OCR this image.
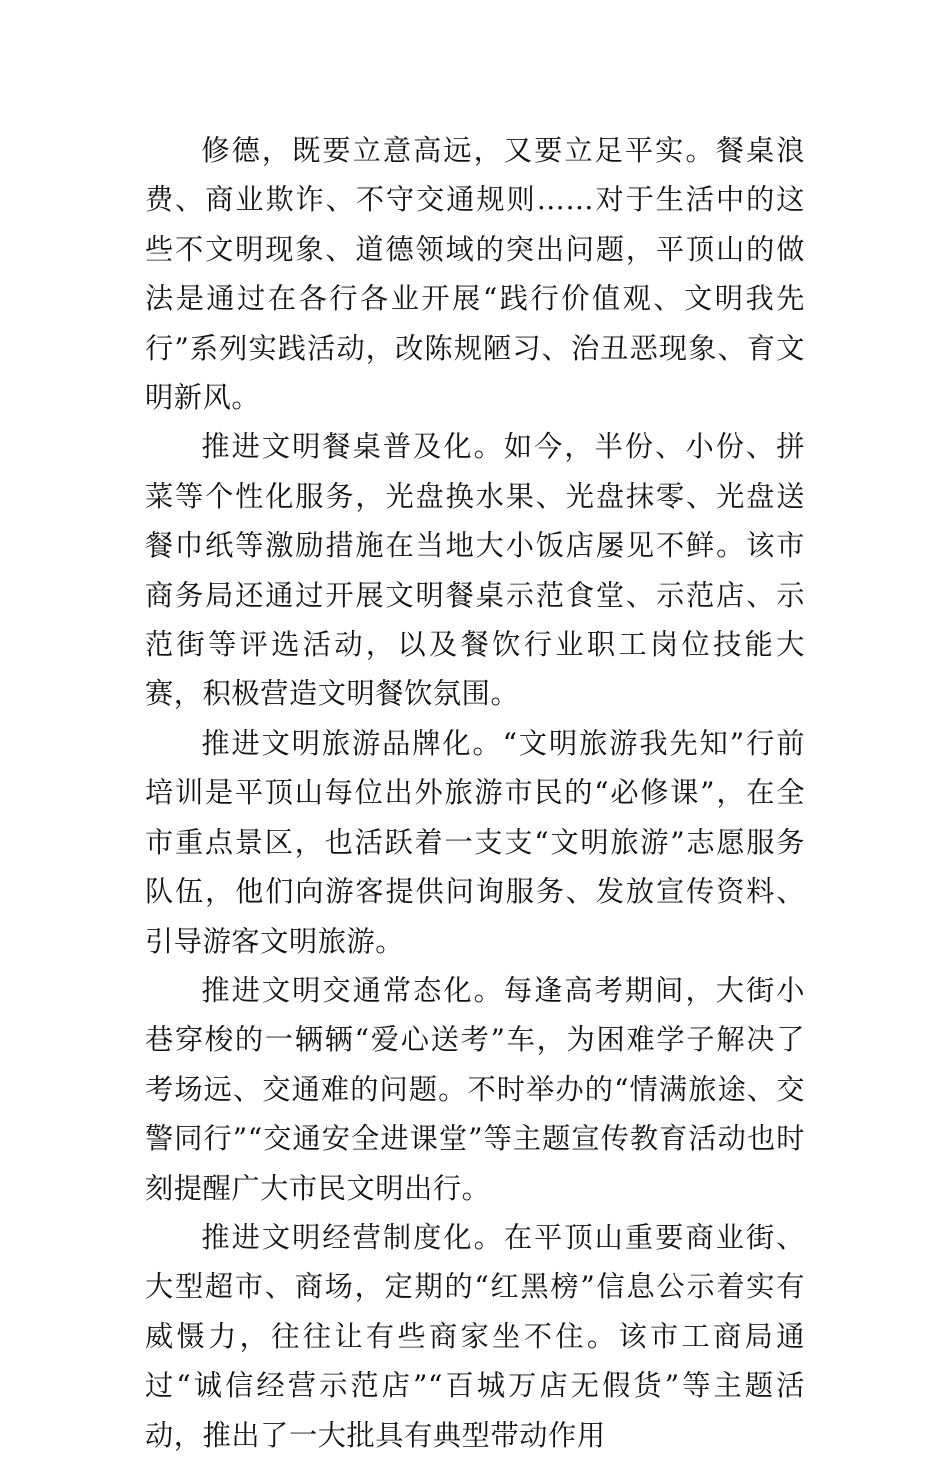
修德，既要立意高远，又要立足平实。餐桌浪费、商业欺诈、不守交通规则……对于生活中的这些不文明现象、道德领域的突出问题，平顶山的做法是通过在各行各业开展“践行价值观、文明我先行”系列实践活动，改陈规陋习、治丑恶现象、育文明新风。

推进文明餐桌普及化。如今，半份、小份、拼菜等个性化服务，光盘换水果、光盘抹零、光盘送餐巾纸等激励措施在当地大小饭店屡见不鲜。该市商务局还通过开展文明餐桌示范食堂、示范店、示范街等评选活动，以及餐饮行业职工岗位技能大赛，积极营造文明餐饮氛围。

推进文明旅游品牌化。“文明旅游我先知”行前培训是平顶山每位出外旅游市民的“必修课”，在全市重点景区，也活跃着一支支“文明旅游”志愿服务队伍，他们向游客提供问询服务、发放宣传资料、引导游客文明旅游。

推进文明交通常态化。每逢高考期间，大街小巷穿梭的一辆辆“爱心送考”车，为困难学子解决了考场远、交通难的问题。不时举办的“情满旅途、交警同行”“交通安全进课堂”等主题宣传教育活动也时刻提醒广大市民文明出行。

推进文明经营制度化。在平顶山重要商业街、大型超市、商场，定期的“红黑榜”信息公示着实有威慑力，往往让有些商家坐不住。该市工商局通过“诚信经营示范店”“百城万店无假货”等主题活动，推出了一大批具有典型带动作用
